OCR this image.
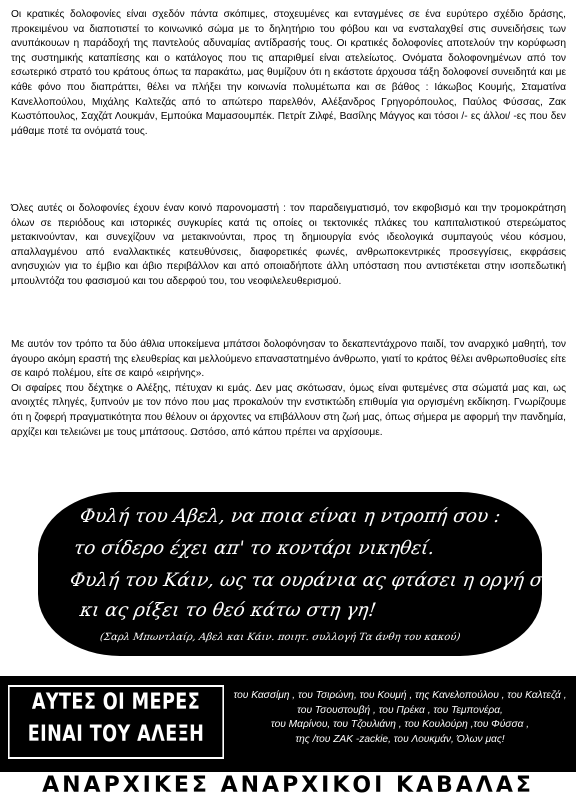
Οι κρατικές δολοφονίες είναι σχεδόν πάντα σκόπιμες, στοχευμένες και ενταγμένες σε ένα ευρύτερο σχέδιο δράσης, προκειμένου να διαποτιστεί το κοινωνικό σώμα με το δηλητήριο του φόβου και να ενσταλαχθεί στις συνειδήσεις των ανυπάκουων η παράδοχή της παντελούς αδυναμίας αντίδρασής τους. Οι κρατικές δολοφονίες αποτελούν την κορύφωση της συστημικής καταπίεσης και ο κατάλογος που τις απαριθμεί είναι ατελείωτος. Ονόματα δολοφονημένων από τον εσωτερικό στρατό του κράτους όπως τα παρακάτω, μας θυμίζουν ότι η εκάστοτε άρχουσα τάξη δολοφονεί συνειδητά και με κάθε φόνο που διαπράττει, θέλει να πλήξει την κοινωνία πολυμέτωπα και σε βάθος : Ιάκωβος Κουμής, Σταματίνα Κανελλοπούλου, Μιχάλης Καλτεζάς από το απώτερο παρελθόν, Αλέξανδρος Γρηγορόπουλος, Παύλος Φύσσας, Ζακ Κωστόπουλος, Σαχζάτ Λουκμάν, Εμπούκα Μαμασουμπέκ. Πετρίτ Ζιλφέ, Βασίλης Μάγγος και τόσοι /- ες άλλοι/ -ες που δεν μάθαμε ποτέ τα ονόματά τους.

Όλες αυτές οι δολοφονίες έχουν έναν κοινό παρονομαστή : τον παραδειγματισμό, τον εκφοβισμό και την τρομοκράτηση όλων σε περιόδους και ιστορικές συγκυρίες κατά τις οποίες οι τεκτονικές πλάκες του καπιταλιστικού στερεώματος μετακινούνταν, και συνεχίζουν να μετακινούνται, προς τη δημιουργία ενός ιδεολογικά συμπαγούς νέου κόσμου, απαλλαγμένου από εναλλακτικές κατευθύνσεις, διαφορετικές φωνές, ανθρωποκεντρικές προσεγγίσεις, εκφράσεις ανησυχιών για το έμβιο και άβιο περιβάλλον και από οποιαδήποτε άλλη υπόσταση που αντιστέκεται στην ισοπεδωτική μπουλντόζα του φασισμού και του αδερφού του, του νεοφιλελευθερισμού.

Με αυτόν τον τρόπο τα δύο άθλια υποκείμενα μπάτσοι δολοφόνησαν το δεκαπεντάχρονο παιδί, τον αναρχικό μαθητή, τον άγουρο ακόμη εραστή της ελευθερίας και μελλούμενο επαναστατημένο άνθρωπο, γιατί το κράτος θέλει ανθρωποθυσίες είτε σε καιρό πολέμου, είτε σε καιρό «ειρήνης».
Οι σφαίρες που δέχτηκε ο Αλέξης, πέτυχαν κι εμάς. Δεν μας σκότωσαν, όμως είναι φυτεμένες στα σώματά μας και, ως ανοιχτές πληγές, ξυπνούν με τον πόνο που μας προκαλούν την ενστικτώδη επιθυμία για οργισμένη εκδίκηση. Γνωρίζουμε ότι η ζοφερή πραγματικότητα που θέλουν οι άρχοντες να επιβάλλουν στη ζωή μας, όπως σήμερα με αφορμή την πανδημία, αρχίζει και τελειώνει με τους μπάτσους. Ωστόσο, από κάπου πρέπει να αρχίσουμε.

Φυλή του Αβελ, να ποια είναι η ντροπή σου :
το σίδερο έχει απ' το κοντάρι νικηθεί.
Φυλή του Κάιν, ως τα ουράνια ας φτάσει η οργή σου
κι ας ρίξει το θεό κάτω στη γη!
(Σαρλ Μπωντλαίρ, Αβελ και Κάιν. ποιητ. συλλογή Τα άνθη του κακού)
ΑΥΤΕΣ ΟΙ ΜΕΡΕΣ
ΕΙΝΑΙ ΤΟΥ ΑΛΕΞΗ
του Κασσίμη , του Τσιρώνη, του Κουμή , της Κανελοπούλου , του Καλτεζά ,
του Τσουστουβή , του Πρέκα , του Τεμπονέρα,
του Μαρίνου, του Τζουλιάνη , του Κουλούρη ,του Φύσσα ,
της /του ZAK -zackie, του Λουκμάν, Όλων μας!
ΑΝΑΡΧΙΚΕΣ ΑΝΑΡΧΙΚΟΙ ΚΑΒΑΛΑΣ
